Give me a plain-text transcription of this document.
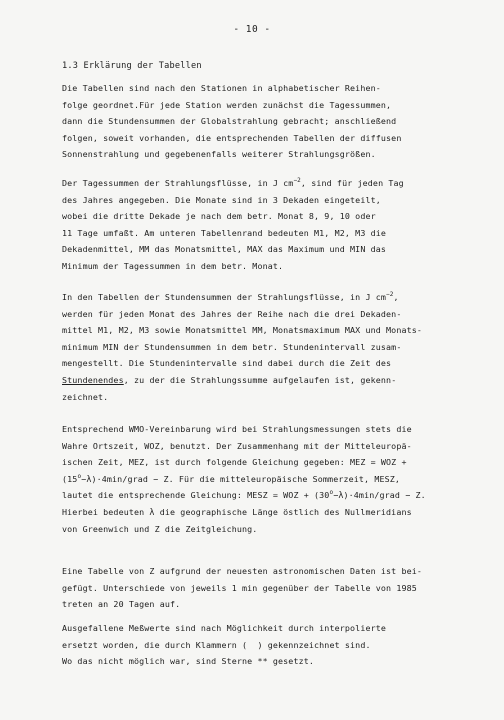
- 10 -
1.3 Erklärung der Tabellen
Die Tabellen sind nach den Stationen in alphabetischer Reihen-
folge geordnet.Für jede Station werden zunächst die Tagessummen,
dann die Stundensummen der Globalstrahlung gebracht; anschließend
folgen, soweit vorhanden, die entsprechenden Tabellen der diffusen
Sonnenstrahlung und gegebenenfalls weiterer Strahlungsgrößen.
Der Tagessummen der Strahlungsflüsse, in J $cm^{-2}$, sind für jeden Tag
des Jahres angegeben. Die Monate sind in 3 Dekaden eingeteilt,
wobei die dritte Dekade je nach dem betr. Monat 8, 9, 10 oder
11 Tage umfaßt. Am unteren Tabellenrand bedeuten M1, M2, M3 die
Dekadenmittel, MM das Monatsmittel, MAX das Maximum und MIN das
Minimum der Tagessummen in dem betr. Monat.
In den Tabellen der Stundensummen der Strahlungsflüsse, in J $cm^{-2}$,
werden für jeden Monat des Jahres der Reihe nach die drei Dekaden-
mittel M1, M2, M3 sowie Monatsmittel MM, Monatsmaximum MAX und Monats-
minimum MIN der Stundensummen in dem betr. Stundenintervall zusam-
mengestellt. Die Stundenintervalle sind dabei durch die Zeit des
Stundenendes, zu der die Strahlungssumme aufgelaufen ist, gekenn-
zeichnet.
Entsprechend WMO-Vereinbarung wird bei Strahlungsmessungen stets die
Wahre Ortszeit, WOZ, benutzt. Der Zusammenhang mit der Mitteleuropä-
ischen Zeit, MEZ, ist durch folgende Gleichung gegeben: MEZ = WOZ +
$(15^o-\lambda)\cdot 4\min$/grad − Z. Für die mitteleuropäische Sommerzeit, MESZ,
lautet die entsprechende Gleichung: MESZ = WOZ + $(30^o-\lambda)\cdot 4\min$/grad − Z.
Hierbei bedeuten λ die geographische Länge östlich des Nullmeridians
von Greenwich und Z die Zeitgleichung.
Eine Tabelle von Z aufgrund der neuesten astronomischen Daten ist bei-
gefügt. Unterschiede von jeweils 1 min gegenüber der Tabelle von 1985
treten an 20 Tagen auf.
Ausgefallene Meßwerte sind nach Möglichkeit durch interpolierte
ersetzt worden, die durch Klammern (  ) gekennzeichnet sind.
Wo das nicht möglich war, sind Sterne ** gesetzt.
